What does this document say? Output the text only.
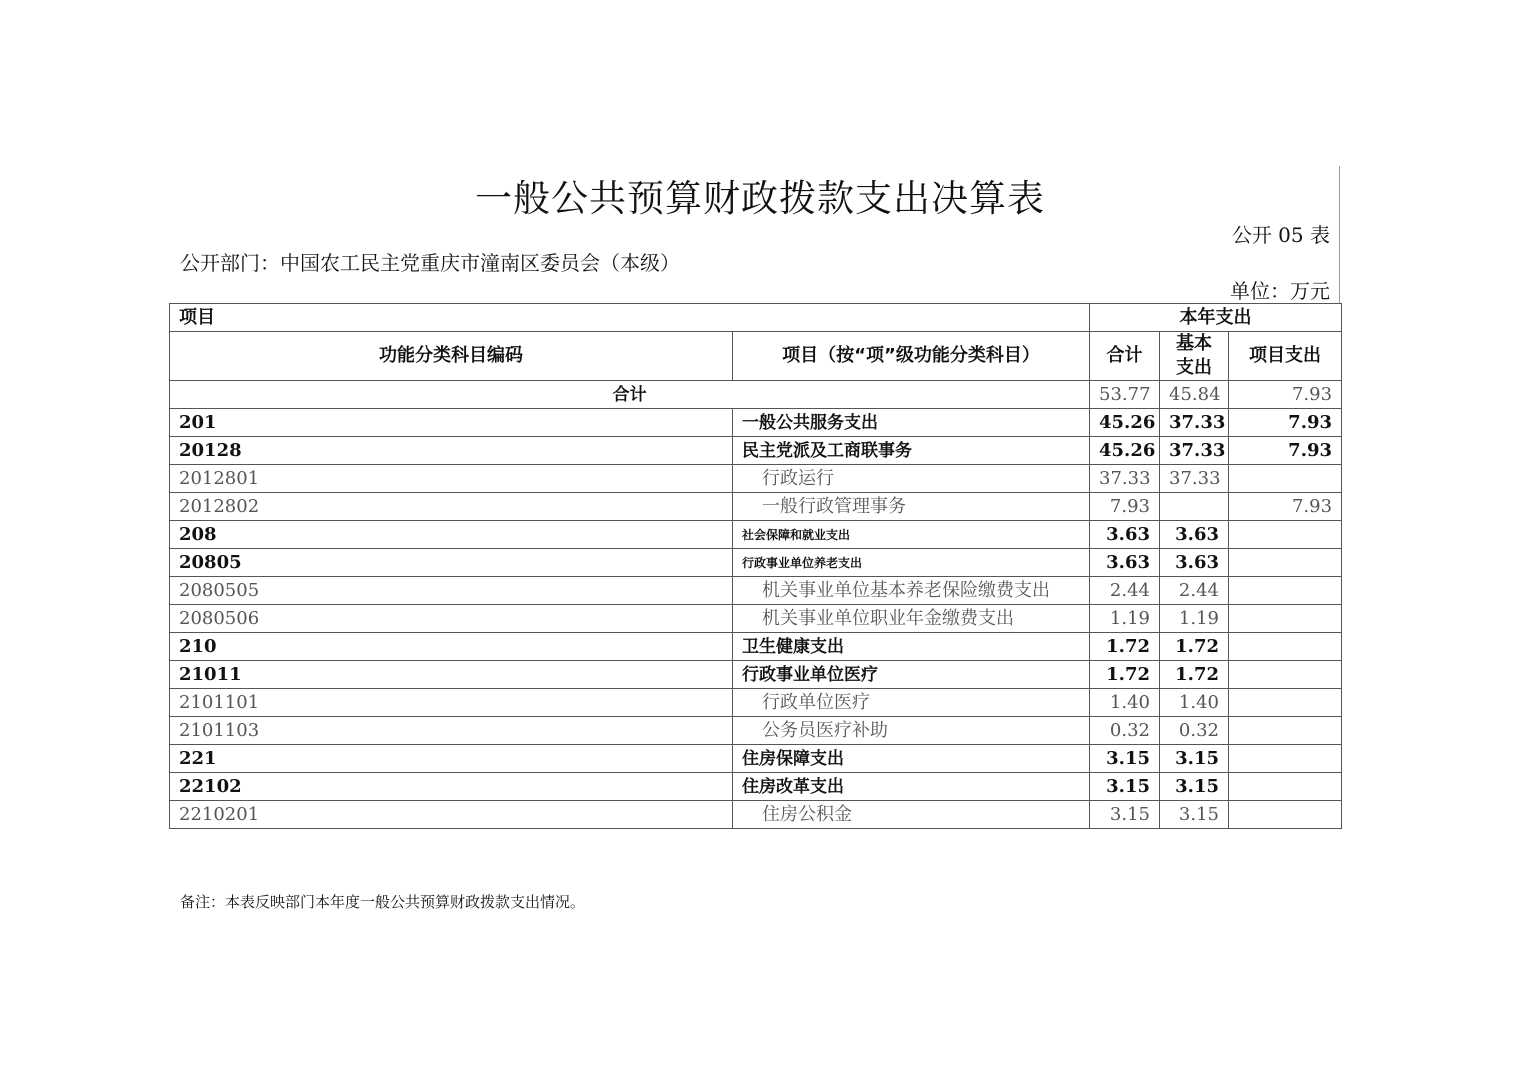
一般公共预算财政拨款支出决算表
公开 05 表
公开部门：中国农工民主党重庆市潼南区委员会（本级）
单位：万元
项目		本年支出		
功能分类科目编码	项目（按“项”级功能分类科目）	合计	基本支出	项目支出
合计		53.77	45.84	7.93
201	一般公共服务支出	45.26	37.33	7.93
20128	民主党派及工商联事务	45.26	37.33	7.93
2012801	行政运行	37.33	37.33	
2012802	一般行政管理事务	7.93		7.93
208	社会保障和就业支出	3.63	3.63	
20805	行政事业单位养老支出	3.63	3.63	
2080505	机关事业单位基本养老保险缴费支出	2.44	2.44	
2080506	机关事业单位职业年金缴费支出	1.19	1.19	
210	卫生健康支出	1.72	1.72	
21011	行政事业单位医疗	1.72	1.72	
2101101	行政单位医疗	1.40	1.40	
2101103	公务员医疗补助	0.32	0.32	
221	住房保障支出	3.15	3.15	
22102	住房改革支出	3.15	3.15	
2210201	住房公积金	3.15	3.15	
备注：本表反映部门本年度一般公共预算财政拨款支出情况。
